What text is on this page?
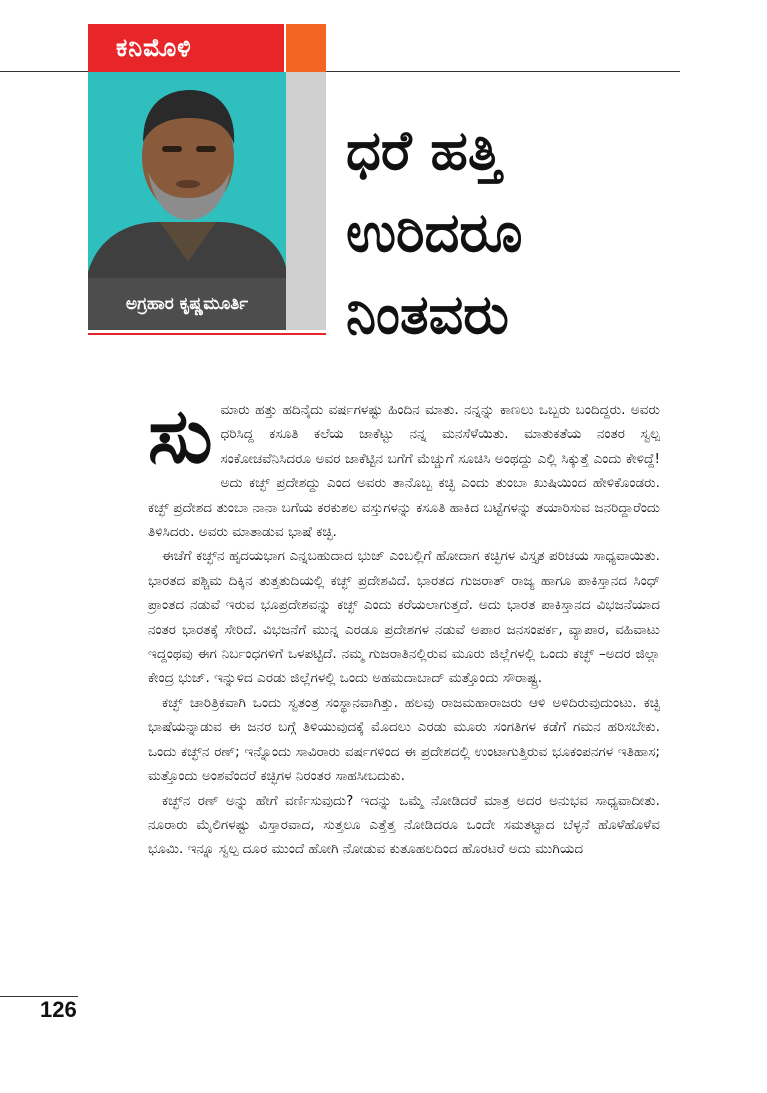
ಕನಿಮೊಳಿ
ಅಗ್ರಹಾರ ಕೃಷ್ಣಮೂರ್ತಿ
ಧರೆ ಹತ್ತಿ
ಉರಿದರೂ
ನಿಂತವರು
ಸು ಮಾರು ಹತ್ತು ಹದಿನೈದು ವರ್ಷಗಳಷ್ಟು ಹಿಂದಿನ ಮಾತು. ನನ್ನನ್ನು ಕಾಣಲು ಒಬ್ಬರು ಬಂದಿದ್ದರು. ಅವರು ಧರಿಸಿದ್ದ ಕಸೂತಿ ಕಲೆಯ ಜಾಕೆಟ್ಟು ನನ್ನ ಮನಸೆಳೆಯಿತು. ಮಾತುಕತೆಯ ನಂತರ ಸ್ವಲ್ಪ ಸಂಕೋಚವೆನಿಸಿದರೂ ಅವರ ಜಾಕೆಟ್ಟಿನ ಬಗೆಗೆ ಮೆಚ್ಚುಗೆ ಸೂಚಿಸಿ ಅಂಥದ್ದು ಎಲ್ಲಿ ಸಿಕ್ಕುತ್ತೆ ಎಂದು ಕೇಳಿದ್ದೆ! ಅದು ಕಚ್ಛ್ ಪ್ರದೇಶದ್ದು ಎಂದ ಅವರು ತಾನೊಬ್ಬ ಕಚ್ಛಿ ಎಂದು ತುಂಬಾ ಖುಷಿಯಿಂದ ಹೇಳಿಕೊಂಡರು. ಕಚ್ಛ್ ಪ್ರದೇಶದ ತುಂಬಾ ನಾನಾ ಬಗೆಯ ಕರಕುಶಲ ವಸ್ತುಗಳನ್ನು ಕಸೂತಿ ಹಾಕಿದ ಬಟ್ಟೆಗಳನ್ನು ತಯಾರಿಸುವ ಜನರಿದ್ದಾರೆಂದು ತಿಳಿಸಿದರು. ಅವರು ಮಾತಾಡುವ ಭಾಷೆ ಕಚ್ಛಿ.

ಈಚೆಗೆ ಕಚ್ಛ್‌ನ ಹೃದಯಭಾಗ ಎನ್ನಬಹುದಾದ ಭುಜ್ ಎಂಬಲ್ಲಿಗೆ ಹೋದಾಗ ಕಚ್ಛಿಗಳ ವಿಸ್ತೃತ ಪರಿಚಯ ಸಾಧ್ಯವಾಯಿತು. ಭಾರತದ ಪಶ್ಚಿಮ ದಿಕ್ಕಿನ ತುತ್ತತುದಿಯಲ್ಲಿ ಕಚ್ಛ್ ಪ್ರದೇಶವಿದೆ. ಭಾರತದ ಗುಜರಾತ್ ರಾಜ್ಯ ಹಾಗೂ ಪಾಕಿಸ್ತಾನದ ಸಿಂಧ್ ಪ್ರಾಂತದ ನಡುವೆ ಇರುವ ಭೂಪ್ರದೇಶವನ್ನು ಕಚ್ಛ್ ಎಂದು ಕರೆಯಲಾಗುತ್ತದೆ. ಅದು ಭಾರತ ಪಾಕಿಸ್ತಾನದ ವಿಭಜನೆಯಾದ ನಂತರ ಭಾರತಕ್ಕೆ ಸೇರಿದೆ. ವಿಭಜನೆಗೆ ಮುನ್ನ ಎರಡೂ ಪ್ರದೇಶಗಳ ನಡುವೆ ಅಪಾರ ಜನಸಂಪರ್ಕ, ವ್ಯಾಪಾರ, ವಹಿವಾಟು ಇದ್ದಂಥವು ಈಗ ನಿರ್ಬಂಧಗಳಿಗೆ ಒಳಪಟ್ಟಿದೆ. ನಮ್ಮ ಗುಜರಾತಿನಲ್ಲಿರುವ ಮೂರು ಜಿಲ್ಲೆಗಳಲ್ಲಿ ಒಂದು ಕಚ್ಛ್ –ಅದರ ಜಿಲ್ಲಾ ಕೇಂದ್ರ ಭುಜ್. ಇನ್ನುಳಿದ ಎರಡು ಜಿಲ್ಲೆಗಳಲ್ಲಿ ಒಂದು ಅಹಮದಾಬಾದ್ ಮತ್ತೊಂದು ಸೌರಾಷ್ಟ್ರ.

ಕಚ್ಛ್ ಚಾರಿತ್ರಿಕವಾಗಿ ಒಂದು ಸ್ವತಂತ್ರ ಸಂಸ್ಥಾನವಾಗಿತ್ತು. ಹಲವು ರಾಜಮಹಾರಾಜರು ಆಳಿ ಅಳಿದಿರುವುದುಂಟು. ಕಚ್ಛಿ ಭಾಷೆಯನ್ನಾಡುವ ಈ ಜನರ ಬಗ್ಗೆ ತಿಳಿಯುವುದಕ್ಕೆ ಮೊದಲು ಎರಡು ಮೂರು ಸಂಗತಿಗಳ ಕಡೆಗೆ ಗಮನ ಹರಿಸಬೇಕು. ಒಂದು ಕಚ್ಛ್‌ನ ರಣ್; ಇನ್ನೊಂದು ಸಾವಿರಾರು ವರ್ಷಗಳಿಂದ ಈ ಪ್ರದೇಶದಲ್ಲಿ ಉಂಟಾಗುತ್ತಿರುವ ಭೂಕಂಪನಗಳ ಇತಿಹಾಸ; ಮತ್ತೊಂದು ಅಂಶವೆಂದರೆ ಕಚ್ಛಿಗಳ ನಿರಂತರ ಸಾಹಸೀಬದುಕು.

ಕಚ್ಛ್‌ನ ರಣ್ ಅನ್ನು ಹೇಗೆ ವರ್ಣಿಸುವುದು? ಇದನ್ನು ಒಮ್ಮೆ ನೋಡಿದರೆ ಮಾತ್ರ ಅದರ ಅನುಭವ ಸಾಧ್ಯವಾದೀತು. ನೂರಾರು ಮೈಲಿಗಳಷ್ಟು ವಿಸ್ತಾರವಾದ, ಸುತ್ತಲೂ ಎತ್ತೆತ್ತ ನೋಡಿದರೂ ಒಂದೇ ಸಮತಟ್ಟಾದ ಬೆಳ್ಳನೆ ಹೊಳೆಹೊಳೆವ ಭೂಮಿ. ಇನ್ನೂ ಸ್ವಲ್ಪ ದೂರ ಮುಂದೆ ಹೋಗಿ ನೋಡುವ ಕುತೂಹಲದಿಂದ ಹೊರಟರೆ ಅದು ಮುಗಿಯದ

126
